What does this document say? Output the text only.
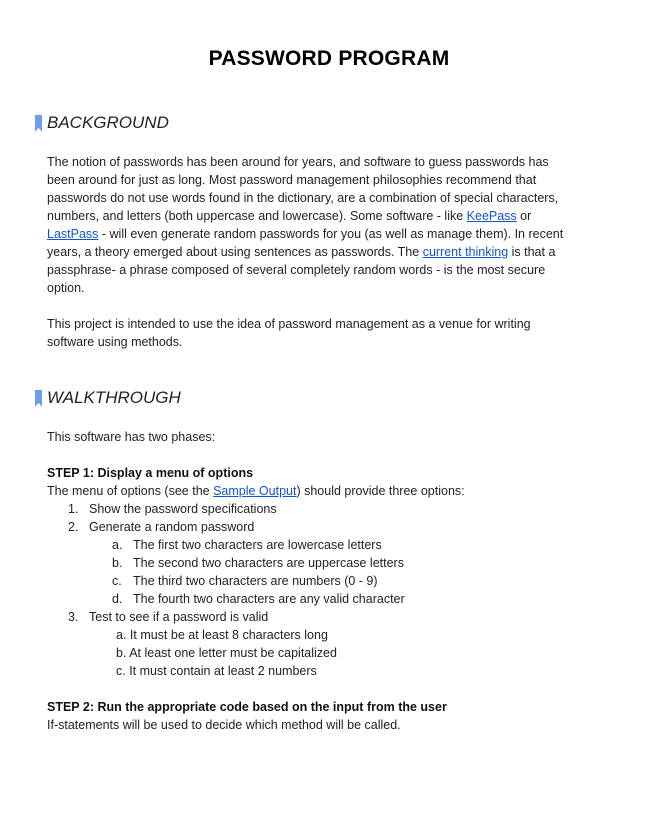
PASSWORD PROGRAM
BACKGROUND
The notion of passwords has been around for years, and software to guess passwords has
been around for just as long. Most password management philosophies recommend that
passwords do not use words found in the dictionary, are a combination of special characters,
numbers, and letters (both uppercase and lowercase). Some software - like KeePass or
LastPass - will even generate random passwords for you (as well as manage them). In recent
years, a theory emerged about using sentences as passwords. The current thinking is that a
passphrase- a phrase composed of several completely random words - is the most secure
option.
This project is intended to use the idea of password management as a venue for writing
software using methods.
WALKTHROUGH
This software has two phases:
STEP 1: Display a menu of options
The menu of options (see the Sample Output) should provide three options:
1. Show the password specifications
2. Generate a random password
a. The first two characters are lowercase letters
b. The second two characters are uppercase letters
c. The third two characters are numbers (0 - 9)
d. The fourth two characters are any valid character
3. Test to see if a password is valid
a. It must be at least 8 characters long
b. At least one letter must be capitalized
c. It must contain at least 2 numbers
STEP 2: Run the appropriate code based on the input from the user
If-statements will be used to decide which method will be called.
